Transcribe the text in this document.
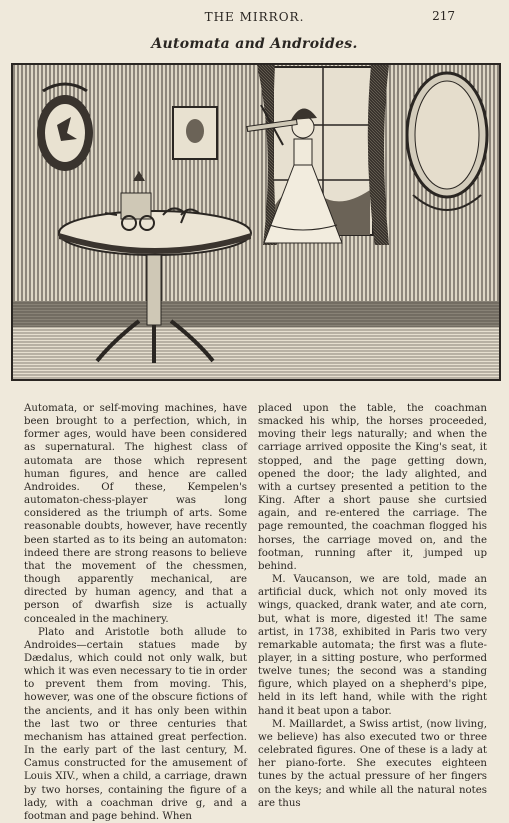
THE MIRROR.	217
Automata and Androides.

Automata, or self-moving machines, have been brought to a perfection, which, in former ages, would have been considered as supernatural. The highest class of automata are those which represent human figures, and hence are called Androides. Of these, Kempelen's automaton-chess-player was long considered as the triumph of arts. Some reasonable doubts, however, have recently been started as to its being an automaton: indeed there are strong reasons to believe that the movement of the chessmen, though apparently mechanical, are directed by human agency, and that a person of dwarfish size is actually concealed in the machinery.

Plato and Aristotle both allude to Androides—certain statues made by Dædalus, which could not only walk, but which it was even necessary to tie in order to prevent them from moving. This, however, was one of the obscure fictions of the ancients, and it has only been within the last two or three centuries that mechanism has attained great perfection. In the early part of the last century, M. Camus constructed for the amusement of Louis XIV., when a child, a carriage, drawn by two horses, containing the figure of a lady, with a coachman drive g, and a footman and page behind. When

placed upon the table, the coachman smacked his whip, the horses proceeded, moving their legs naturally; and when the carriage arrived opposite the King's seat, it stopped, and the page getting down, opened the door; the lady alighted, and with a curtsey presented a petition to the King. After a short pause she curtsied again, and re-entered the carriage. The page remounted, the coachman flogged his horses, the carriage moved on, and the footman, running after it, jumped up behind.

M. Vaucanson, we are told, made an artificial duck, which not only moved its wings, quacked, drank water, and ate corn, but, what is more, digested it! The same artist, in 1738, exhibited in Paris two very remarkable automata; the first was a flute-player, in a sitting posture, who performed twelve tunes; the second was a standing figure, which played on a shepherd's pipe, held in its left hand, while with the right hand it beat upon a tabor.

M. Maillardet, a Swiss artist, (now living, we believe) has also executed two or three celebrated figures. One of these is a lady at her piano-forte. She executes eighteen tunes by the actual pressure of her fingers on the keys; and while all the natural notes are thus
